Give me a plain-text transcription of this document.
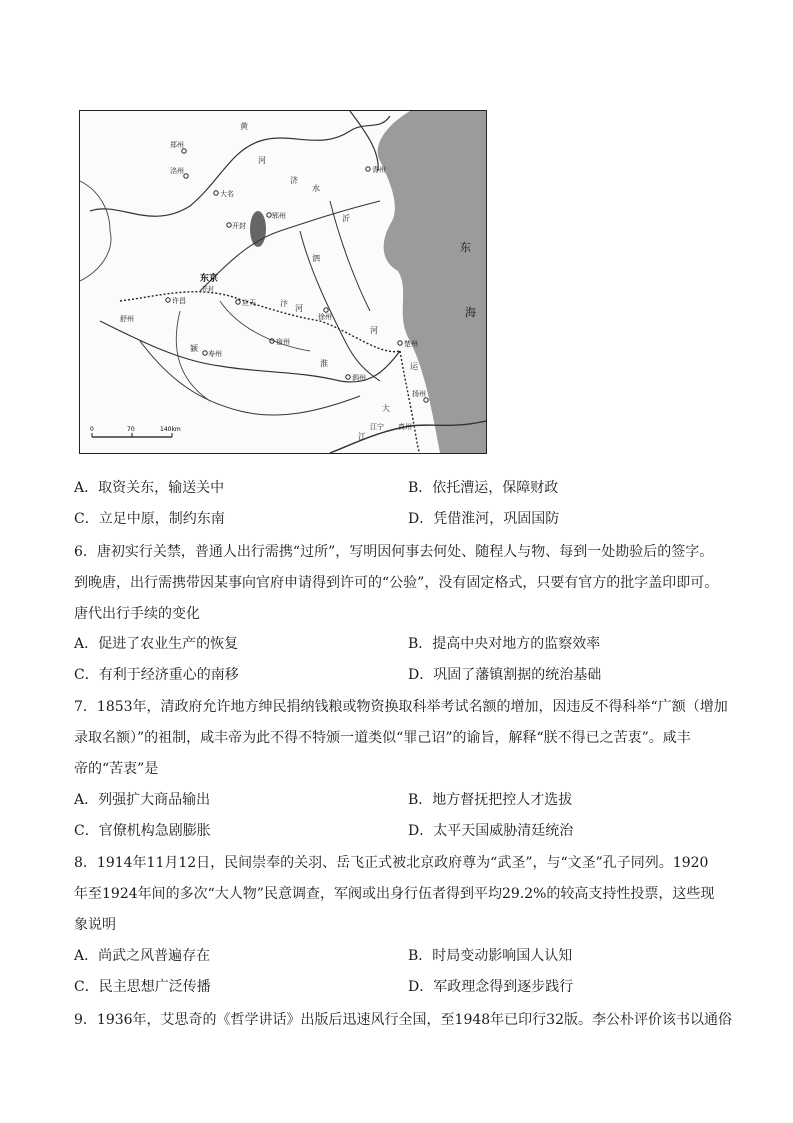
郑州
洺州
大名
开封
郓州
青州
许昌	应天
徐州
宿州	楚州
寿州
泗州
扬州
江宁 真州
舒州
东京
开封
东
海
黄
河
济
水
汴
河
淮
河
沂
泗
颍
大
江
运
0	70	140km
A．取资关东，输送关中	B．依托漕运，保障财政
C．立足中原，制约东南	D．凭借淮河，巩固国防
6．唐初实行关禁，普通人出行需携“过所”，写明因何事去何处、随程人与物、每到一处勘验后的签字。
到晚唐，出行需携带因某事向官府申请得到许可的“公验”，没有固定格式，只要有官方的批字盖印即可。
唐代出行手续的变化
A．促进了农业生产的恢复	B．提高中央对地方的监察效率
C．有利于经济重心的南移	D．巩固了藩镇割据的统治基础
7．1853年，清政府允许地方绅民捐纳钱粮或物资换取科举考试名额的增加，因违反不得科举“广额（增加
录取名额）”的祖制，咸丰帝为此不得不特颁一道类似“罪己诏”的谕旨，解释“朕不得已之苦衷”。咸丰
帝的“苦衷”是
A．列强扩大商品输出	B．地方督抚把控人才选拔
C．官僚机构急剧膨胀	D．太平天国威胁清廷统治
8．1914年11月12日，民间崇奉的关羽、岳飞正式被北京政府尊为“武圣”，与“文圣”孔子同列。1920
年至1924年间的多次“大人物”民意调查，军阀或出身行伍者得到平均29.2%的较高支持性投票，这些现
象说明
A．尚武之风普遍存在	B．时局变动影响国人认知
C．民主思想广泛传播	D．军政理念得到逐步践行
9．1936年，艾思奇的《哲学讲话》出版后迅速风行全国，至1948年已印行32版。李公朴评价该书以通俗
